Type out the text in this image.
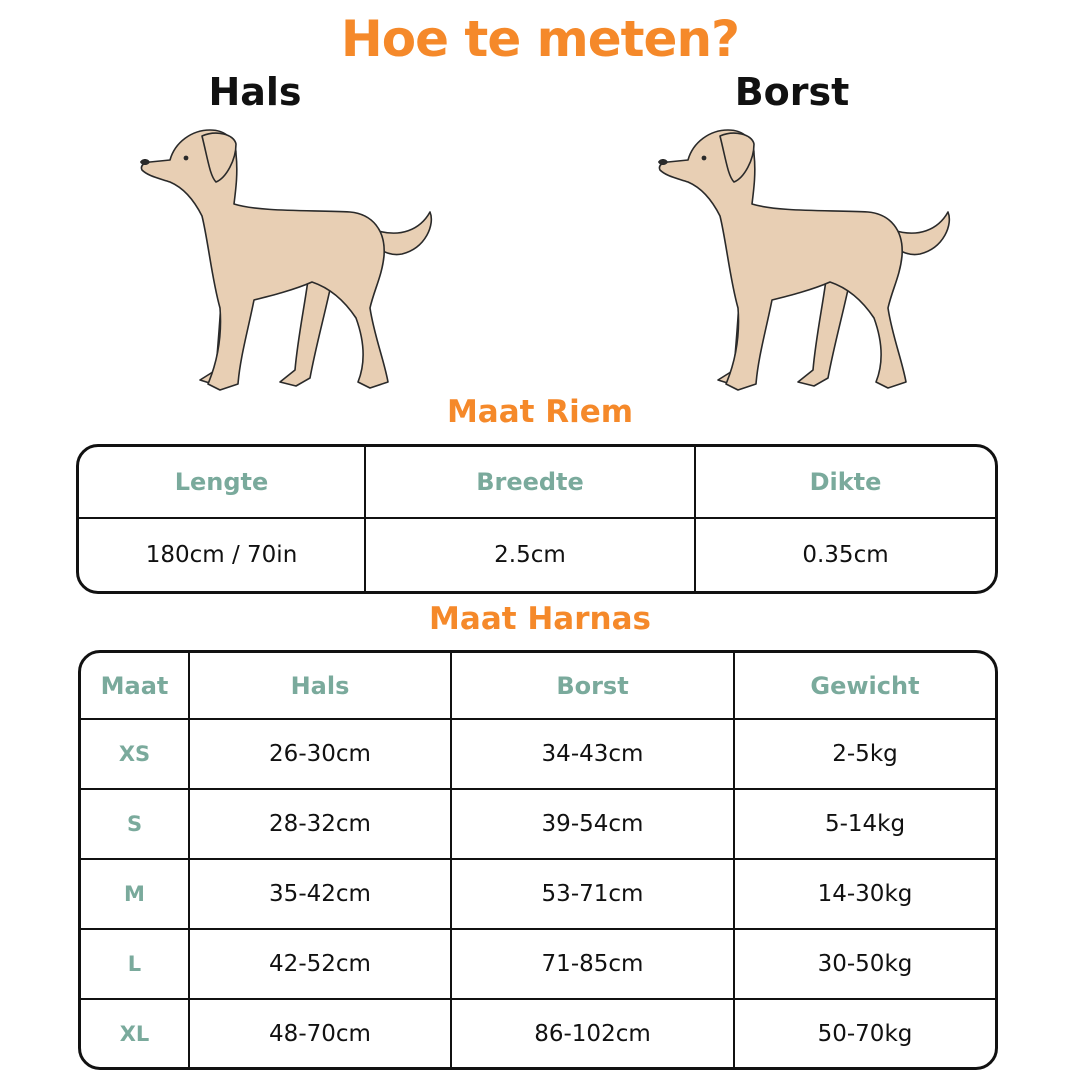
Hoe te meten?
Hals	Borst
Maat Riem
Lengte	Breedte	Dikte
180cm / 70in	2.5cm	0.35cm
Maat Harnas
Maat	Hals	Borst	Gewicht
XS	26-30cm	34-43cm	2-5kg
S	28-32cm	39-54cm	5-14kg
M	35-42cm	53-71cm	14-30kg
L	42-52cm	71-85cm	30-50kg
XL	48-70cm	86-102cm	50-70kg
